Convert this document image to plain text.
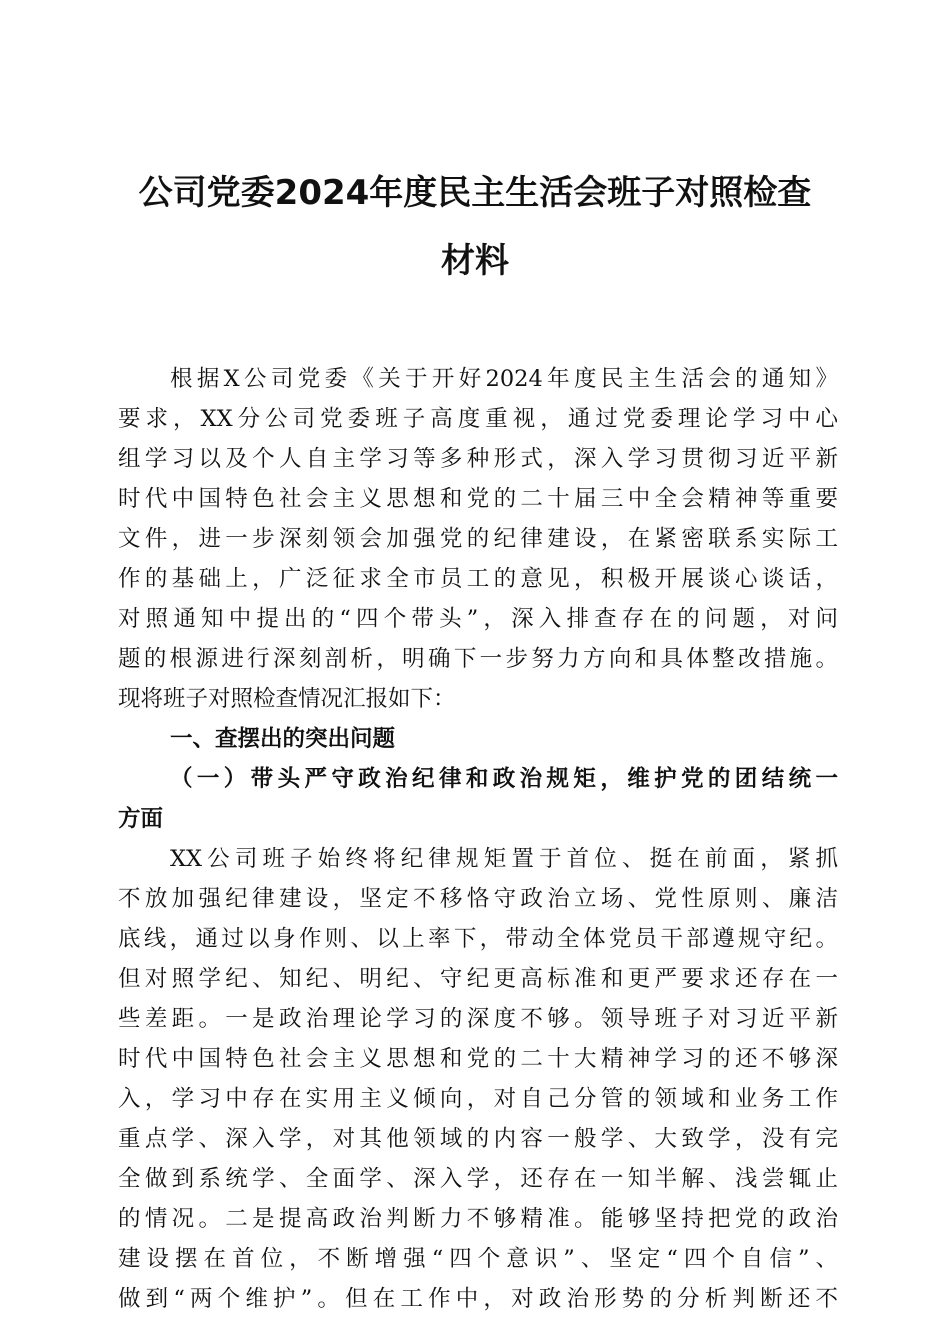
公司党委2024年度民主生活会班子对照检查
材料
根据X公司党委《关于开好2024年度民主生活会的通知》
要求，XX分公司党委班子高度重视，通过党委理论学习中心
组学习以及个人自主学习等多种形式，深入学习贯彻习近平新
时代中国特色社会主义思想和党的二十届三中全会精神等重要
文件，进一步深刻领会加强党的纪律建设，在紧密联系实际工
作的基础上，广泛征求全市员工的意见，积极开展谈心谈话，
对照通知中提出的“四个带头”，深入排查存在的问题，对问
题的根源进行深刻剖析，明确下一步努力方向和具体整改措施。
现将班子对照检查情况汇报如下：
一、查摆出的突出问题
（一）带头严守政治纪律和政治规矩，维护党的团结统一
方面
XX公司班子始终将纪律规矩置于首位、挺在前面，紧抓
不放加强纪律建设，坚定不移恪守政治立场、党性原则、廉洁
底线，通过以身作则、以上率下，带动全体党员干部遵规守纪。
但对照学纪、知纪、明纪、守纪更高标准和更严要求还存在一
些差距。一是政治理论学习的深度不够。领导班子对习近平新
时代中国特色社会主义思想和党的二十大精神学习的还不够深
入，学习中存在实用主义倾向，对自己分管的领域和业务工作
重点学、深入学，对其他领域的内容一般学、大致学，没有完
全做到系统学、全面学、深入学，还存在一知半解、浅尝辄止
的情况。二是提高政治判断力不够精准。能够坚持把党的政治
建设摆在首位，不断增强“四个意识”、坚定“四个自信”、
做到“两个维护”。但在工作中，对政治形势的分析判断还不
